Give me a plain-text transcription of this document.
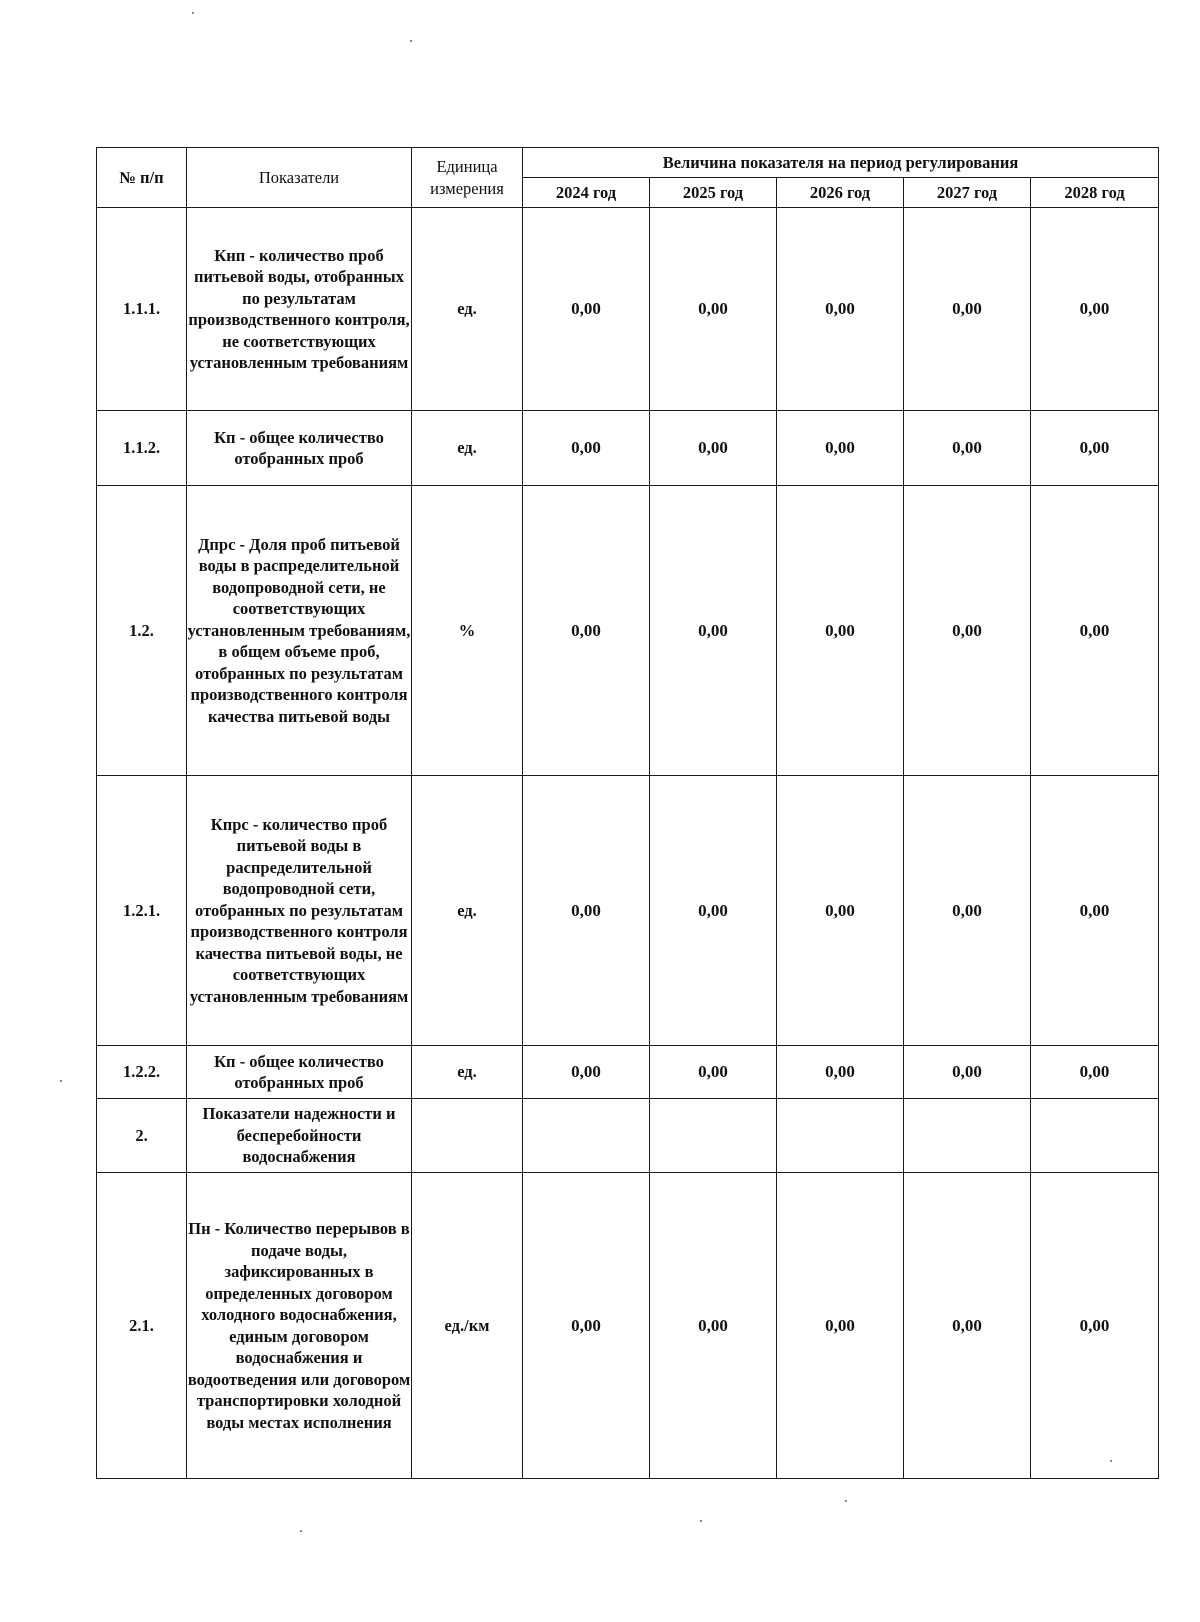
№ п/п	Показатели	Единица измерения	Величина показателя на период регулирования				
			2024 год	2025 год	2026 год	2027 год	2028 год
1.1.1.	Кнп - количество проб питьевой воды, отобранных по результатам производственного контроля, не соответствующих установленным требованиям	ед.	0,00	0,00	0,00	0,00	0,00
1.1.2.	Кп - общее количество отобранных проб	ед.	0,00	0,00	0,00	0,00	0,00
1.2.	Дпрс - Доля проб питьевой воды в распределительной водопроводной сети, не соответствующих установленным требованиям, в общем объеме проб, отобранных по результатам производственного контроля качества питьевой воды	%	0,00	0,00	0,00	0,00	0,00
1.2.1.	Кпрс - количество проб питьевой воды в распределительной водопроводной сети, отобранных по результатам производственного контроля качества питьевой воды, не соответствующих установленным требованиям	ед.	0,00	0,00	0,00	0,00	0,00
1.2.2.	Кп - общее количество отобранных проб	ед.	0,00	0,00	0,00	0,00	0,00
2.	Показатели надежности и бесперебойности водоснабжения						
2.1.	Пн - Количество перерывов в подаче воды, зафиксированных в определенных договором холодного водоснабжения, единым договором водоснабжения и водоотведения или договором транспортировки холодной воды местах исполнения	ед./км	0,00	0,00	0,00	0,00	0,00
